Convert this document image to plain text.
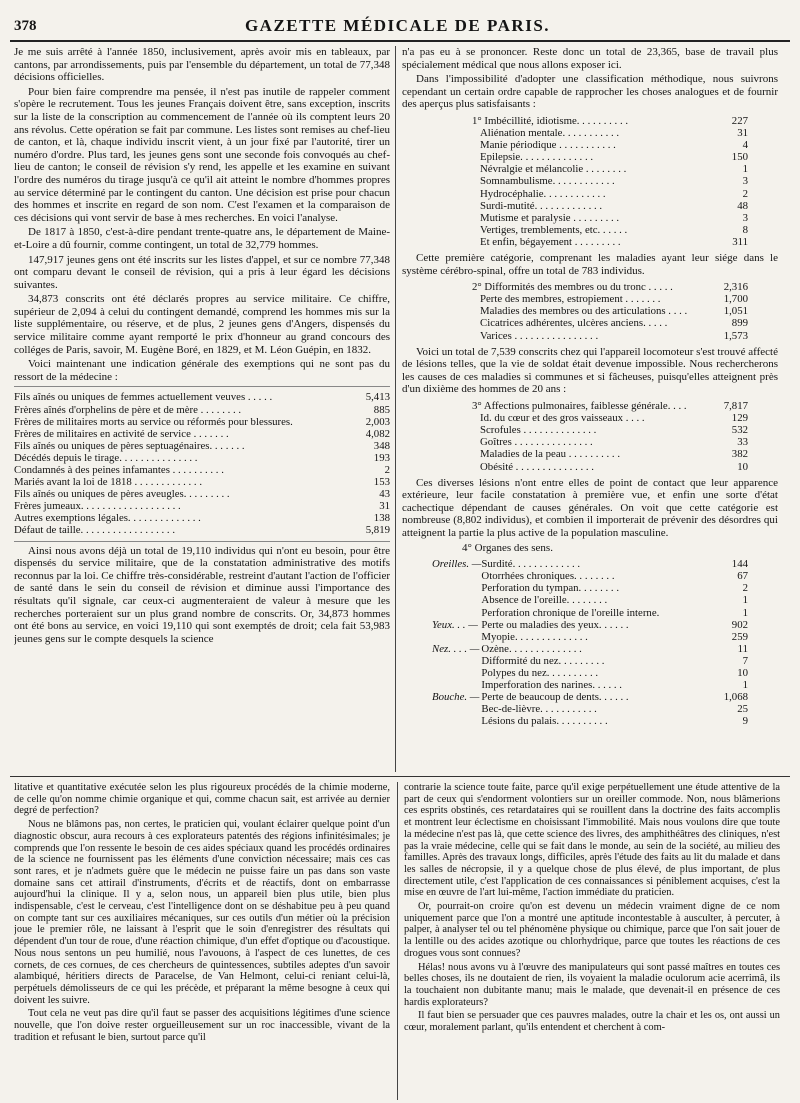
378	GAZETTE MÉDICALE DE PARIS.

Je me suis arrêté à l'année 1850, inclusivement, après avoir mis en tableaux, par cantons, par arrondissements, puis par l'ensemble du département, un total de 77,348 décisions officielles.

Pour bien faire comprendre ma pensée, il n'est pas inutile de rappeler comment s'opère le recrutement. Tous les jeunes Français doivent être, sans exception, inscrits sur la liste de la conscription au commencement de l'année où ils comptent leurs 20 ans révolus. Cette opération se fait par commune. Les listes sont remises au chef-lieu de canton, et là, chaque individu inscrit vient, à un jour fixé par l'autorité, tirer un numéro d'ordre. Plus tard, les jeunes gens sont une seconde fois convoqués au chef-lieu de canton; le conseil de révision s'y rend, les appelle et les examine en suivant l'ordre des numéros du tirage jusqu'à ce qu'il ait atteint le nombre d'hommes propres au service déterminé par le contingent du canton. Une décision est prise pour chacun des hommes et inscrite en regard de son nom. C'est l'examen et la comparaison de ces décisions qui vont servir de base à mes recherches. En voici l'analyse.

De 1817 à 1850, c'est-à-dire pendant trente-quatre ans, le département de Maine-et-Loire a dû fournir, comme contingent, un total de 32,779 hommes.

147,917 jeunes gens ont été inscrits sur les listes d'appel, et sur ce nombre 77,348 ont comparu devant le conseil de révision, qui a pris à leur égard les décisions suivantes.

34,873 conscrits ont été déclarés propres au service militaire. Ce chiffre, supérieur de 2,094 à celui du contingent demandé, comprend les hommes mis sur la liste supplémentaire, ou réserve, et de plus, 2 jeunes gens d'Angers, dispensés du service militaire comme ayant remporté le prix d'honneur au grand concours des colléges de Paris, savoir, M. Eugène Boré, en 1829, et M. Léon Guépin, en 1832.

Voici maintenant une indication générale des exemptions qui ne sont pas du ressort de la médecine :

Fils aînés ou uniques de femmes actuellement veuves . . . . .	5,413
Frères aînés d'orphelins de père et de mère . . . . . . . .	885
Frères de militaires morts au service ou réformés pour blessures.	2,003
Frères de militaires en activité de service . . . . . . .	4,082
Fils aînés ou uniques de pères septuagénaires. . . . . . .	348
Décédés depuis le tirage. . . . . . . . . . . . . . .	193
Condamnés à des peines infamantes . . . . . . . . . .	2
Mariés avant la loi de 1818 . . . . . . . . . . . . .	153
Fils aînés ou uniques de pères aveugles. . . . . . . . .	43
Frères jumeaux. . . . . . . . . . . . . . . . . . .	31
Autres exemptions légales. . . . . . . . . . . . . .	138
Défaut de taille. . . . . . . . . . . . . . . . . .	5,819

Ainsi nous avons déjà un total de 19,110 individus qui n'ont eu besoin, pour être dispensés du service militaire, que de la constatation administrative des motifs reconnus par la loi. Ce chiffre très-considérable, restreint d'autant l'action de l'officier de santé dans le sein du conseil de révision et diminue aussi l'importance des résultats qu'il signale, car ceux-ci augmenteraient de valeur à mesure que les recherches porteraient sur un plus grand nombre de conscrits. Or, 34,873 hommes ont été bons au service, en voici 19,110 qui sont exemptés de droit; cela fait 53,983 jeunes gens sur le compte desquels la science

n'a pas eu à se prononcer. Reste donc un total de 23,365, base de travail plus spécialement médical que nous allons exposer ici.

Dans l'impossibilité d'adopter une classification méthodique, nous suivrons cependant un certain ordre capable de rapprocher les choses analogues et de fournir des aperçus plus satisfaisants :

1° Imbécillité, idiotisme. . . . . . . . . .	227
Aliénation mentale. . . . . . . . . . .	31
Manie périodique . . . . . . . . . . .	4
Epilepsie. . . . . . . . . . . . . .	150
Névralgie et mélancolie . . . . . . . .	1
Somnambulisme. . . . . . . . . . . .	3
Hydrocéphalie. . . . . . . . . . . .	2
Surdi-mutité. . . . . . . . . . . . .	48
Mutisme et paralysie . . . . . . . . .	3
Vertiges, tremblements, etc. . . . . .	8
Et enfin, bégayement . . . . . . . . .	311

Cette première catégorie, comprenant les maladies ayant leur siége dans le système cérébro-spinal, offre un total de 783 individus.

2° Difformités des membres ou du tronc . . . . .	2,316
Perte des membres, estropiement . . . . . . .	1,700
Maladies des membres ou des articulations . . . .	1,051
Cicatrices adhérentes, ulcères anciens. . . . .	899
Varices . . . . . . . . . . . . . . . .	1,573

Voici un total de 7,539 conscrits chez qui l'appareil locomoteur s'est trouvé affecté de lésions telles, que la vie de soldat était devenue impossible. Nous rechercherons les causes de ces maladies si communes et si fâcheuses, puisqu'elles atteignent près d'un dixième des hommes de 20 ans :

3° Affections pulmonaires, faiblesse générale. . . .	7,817
Id. du cœur et des gros vaisseaux . . . .	129
Scrofules . . . . . . . . . . . . . .	532
Goîtres . . . . . . . . . . . . . . .	33
Maladies de la peau . . . . . . . . . .	382
Obésité . . . . . . . . . . . . . . .	10

Ces diverses lésions n'ont entre elles de point de contact que leur apparence extérieure, leur facile constatation à première vue, et enfin une sorte d'état cachectique dépendant de causes générales. On voit que cette catégorie est nombreuse (8,802 individus), et combien il importerait de prévenir des désordres qui atteignent la partie la plus active de la population masculine.

4° Organes des sens.
Oreilles. —	Surdité. . . . . . . . . . . . .	144
	Otorrhées chroniques. . . . . . . .	67
	Perforation du tympan. . . . . . . .	2
	Absence de l'oreille. . . . . . . .	1
	Perforation chronique de l'oreille interne.	1
Yeux. . . —	Perte ou maladies des yeux. . . . . .	902
	Myopie. . . . . . . . . . . . . .	259
Nez. . . . —	Ozène. . . . . . . . . . . . . .	11
	Difformité du nez. . . . . . . . .	7
	Polypes du nez. . . . . . . . . .	10
	Imperforation des narines. . . . . .	1
Bouche. —	Perte de beaucoup de dents. . . . . .	1,068
	Bec-de-lièvre. . . . . . . . . . .	25
	Lésions du palais. . . . . . . . . .	9

litative et quantitative exécutée selon les plus rigoureux procédés de la chimie moderne, de celle qu'on nomme chimie organique et qui, comme chacun sait, est arrivée au dernier degré de perfection?

Nous ne blâmons pas, non certes, le praticien qui, voulant éclairer quelque point d'un diagnostic obscur, aura recours à ces explorateurs patentés des régions infinitésimales; je comprends que l'on ressente le besoin de ces aides spéciaux quand les procédés ordinaires de la science ne fournissent pas les éléments d'une conviction nécessaire; mais ces cas sont rares, et je n'admets guère que le médecin ne puisse faire un pas dans son vaste domaine sans cet attirail d'instruments, d'écrits et de réactifs, dont on embarrasse aujourd'hui la clinique. Il y a, selon nous, un appareil bien plus utile, bien plus indispensable, c'est le cerveau, c'est l'intelligence dont on se déshabitue peu à peu quand on compte tant sur ces auxiliaires mécaniques, sur ces outils d'un métier où la précision joue le premier rôle, ne laissant à l'esprit que le soin d'enregistrer des résultats qui dépendent d'un tour de roue, d'une réaction chimique, d'un effet d'optique ou d'acoustique. Nous nous sentons un peu humilié, nous l'avouons, à l'aspect de ces lunettes, de ces cornets, de ces cornues, de ces chercheurs de quintessences, subtiles adeptes d'un savoir alambiqué, héritiers directs de Paracelse, de Van Helmont, celui-ci reniant celui-là, perpétuels démolisseurs de ce qui les précède, et préparant la même besogne à ceux qui doivent les suivre.

Tout cela ne veut pas dire qu'il faut se passer des acquisitions légitimes d'une science nouvelle, que l'on doive rester orgueilleusement sur un roc inaccessible, vivant de la tradition et refusant le bien, surtout parce qu'il

contrarie la science toute faite, parce qu'il exige perpétuellement une étude attentive de la part de ceux qui s'endorment volontiers sur un oreiller commode. Non, nous blâmerions ces esprits obstinés, ces retardataires qui se rouillent dans la doctrine des faits accomplis et montrent leur éclectisme en choisissant l'immobilité. Mais nous voulons dire que toute la médecine n'est pas là, que cette science des livres, des amphithéâtres des cliniques, n'est pas la vraie médecine, celle qui se fait dans le monde, au sein de la société, au milieu des familles. Après des travaux longs, difficiles, après l'étude des faits au lit du malade et dans les salles de nécropsie, il y a quelque chose de plus élevé, de plus important, de plus directement utile, c'est l'application de ces connaissances si péniblement acquises, c'est la mise en œuvre de l'art lui-même, l'action immédiate du praticien.

Or, pourrait-on croire qu'on est devenu un médecin vraiment digne de ce nom uniquement parce que l'on a montré une aptitude incontestable à ausculter, à percuter, à palper, à analyser tel ou tel phénomène physique ou chimique, parce que l'on sait jouer de la lentille ou des acides azotique ou chlorhydrique, parce que toutes les réactions de ces drogues vous sont connues?

Hélas! nous avons vu à l'œuvre des manipulateurs qui sont passé maîtres en toutes ces belles choses, ils ne doutaient de rien, ils voyaient la maladie oculorum acie acerrimâ, ils la touchaient non dubitante manu; mais le malade, que devenait-il en présence de ces hardis explorateurs?

Il faut bien se persuader que ces pauvres malades, outre la chair et les os, ont aussi un cœur, moralement parlant, qu'ils entendent et cherchent à com-
